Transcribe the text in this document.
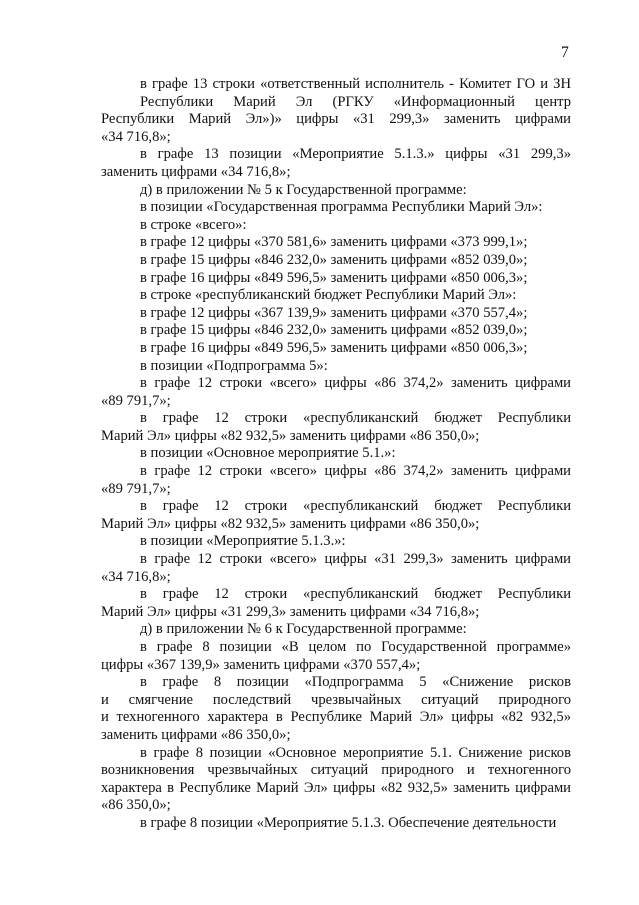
7
в графе 13 строки «ответственный исполнитель - Комитет ГО и ЗН
Республики Марий Эл (РГКУ «Информационный центр
Республики Марий Эл»)» цифры «31 299,3» заменить цифрами
«34 716,8»;
в графе 13 позиции «Мероприятие 5.1.3.» цифры «31 299,3»
заменить цифрами «34 716,8»;
д) в приложении № 5 к Государственной программе:
в позиции «Государственная программа Республики Марий Эл»:
в строке «всего»:
в графе 12 цифры «370 581,6» заменить цифрами «373 999,1»;
в графе 15 цифры «846 232,0» заменить цифрами «852 039,0»;
в графе 16 цифры «849 596,5» заменить цифрами «850 006,3»;
в строке «республиканский бюджет Республики Марий Эл»:
в графе 12 цифры «367 139,9» заменить цифрами «370 557,4»;
в графе 15 цифры «846 232,0» заменить цифрами «852 039,0»;
в графе 16 цифры «849 596,5» заменить цифрами «850 006,3»;
в позиции «Подпрограмма 5»:
в графе 12 строки «всего» цифры «86 374,2» заменить цифрами
«89 791,7»;
в графе 12 строки «республиканский бюджет Республики
Марий Эл» цифры «82 932,5» заменить цифрами «86 350,0»;
в позиции «Основное мероприятие 5.1.»:
в графе 12 строки «всего» цифры «86 374,2» заменить цифрами
«89 791,7»;
в графе 12 строки «республиканский бюджет Республики
Марий Эл» цифры «82 932,5» заменить цифрами «86 350,0»;
в позиции «Мероприятие 5.1.3.»:
в графе 12 строки «всего» цифры «31 299,3» заменить цифрами
«34 716,8»;
в графе 12 строки «республиканский бюджет Республики
Марий Эл» цифры «31 299,3» заменить цифрами «34 716,8»;
д) в приложении № 6 к Государственной программе:
в графе 8 позиции «В целом по Государственной программе»
цифры «367 139,9» заменить цифрами «370 557,4»;
в графе 8 позиции «Подпрограмма 5 «Снижение рисков
и смягчение последствий чрезвычайных ситуаций природного
и техногенного характера в Республике Марий Эл» цифры «82 932,5»
заменить цифрами «86 350,0»;
в графе 8 позиции «Основное мероприятие 5.1. Снижение рисков
возникновения чрезвычайных ситуаций природного и техногенного
характера в Республике Марий Эл» цифры «82 932,5» заменить цифрами
«86 350,0»;
в графе 8 позиции «Мероприятие 5.1.3. Обеспечение деятельности
